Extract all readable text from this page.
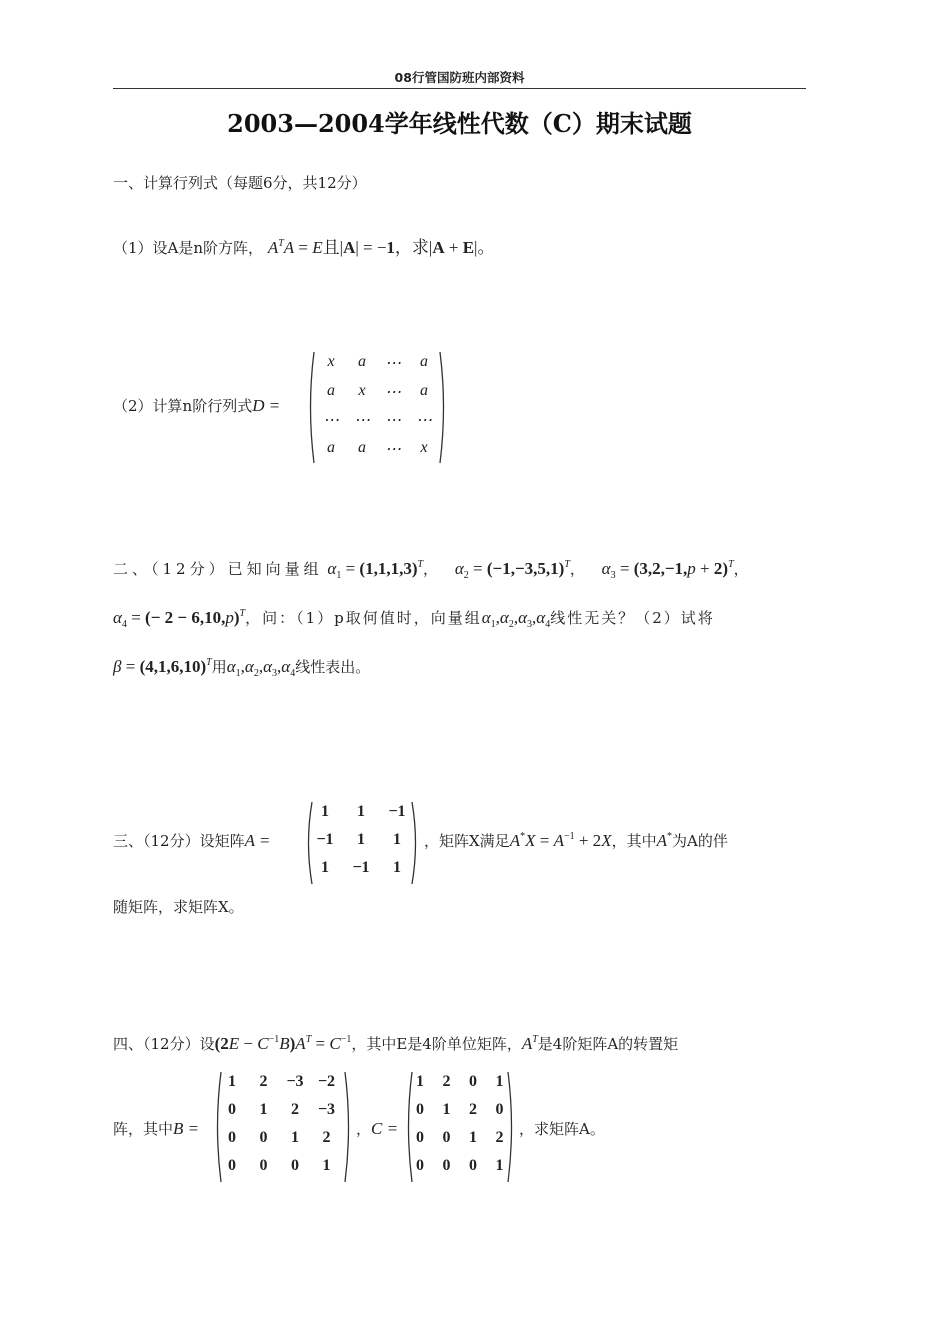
08行管国防班内部资料
2003—2004学年线性代数（C）期末试题
一、计算行列式（每题6分，共12分）
（1）设A是n阶方阵， $A^TA = E$且|A| = −1，求|A + E|。
（2）计算n阶行列式D =
x	a	⋯	a
a	x	⋯	a
⋯ ⋯ ⋯ ⋯
a	a	⋯	x
二、（12分）已知向量组 $\alpha_1 = (1,1,1,3)^T$， $\alpha_2 = (-1,-3,5,1)^T$， $\alpha_3 = (3,2,-1,p + 2)^T$，
$\alpha_4$ = (− 2 − 6,10,p)$^T$，问：（1）p取何值时，向量组$\alpha_1,\alpha_2,\alpha_3,\alpha_4$线性无关？（2）试将
$\beta = (4,1,6,10)^T$用$\alpha_1,\alpha_2,\alpha_3,\alpha_4$线性表出。
三、（12分）设矩阵A =
1	1	−1
−1	1	1
1	−1	1
，矩阵X满足$A^*X = A^{-1} + 2X$，其中A*为A的伴
随矩阵，求矩阵X。
四、（12分）设$(2E - C^{-1}B)A^T = C^{-1}$，其中E是4阶单位矩阵，$A^T$是4阶矩阵A的转置矩
阵，其中B =
1	2	−3 −2
0	1	2	−3
0	0	1	2
0	0	0	1
，C =
1	2	0	1
0	1	2	0
0	0	1	2
0	0	0	1
，求矩阵A。
